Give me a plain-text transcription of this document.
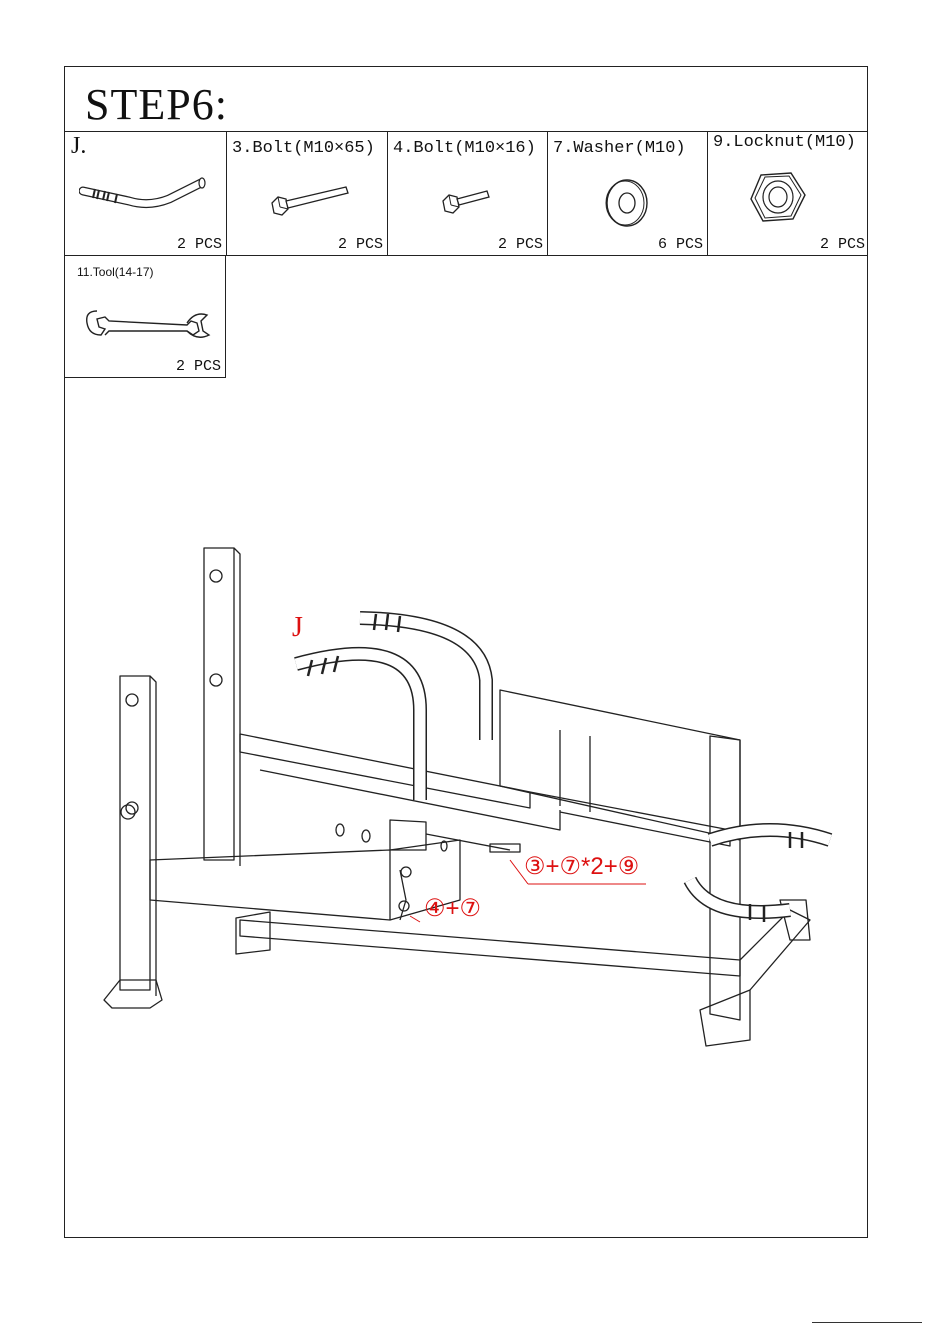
STEP6:
J.
2 PCS
3.Bolt(M10×65)
2 PCS
4.Bolt(M10×16)
2 PCS
7.Washer(M10)
6 PCS
9.Locknut(M10)
2 PCS
11.Tool(14-17)
2 PCS
J
③+⑦*2+⑨
④+⑦
